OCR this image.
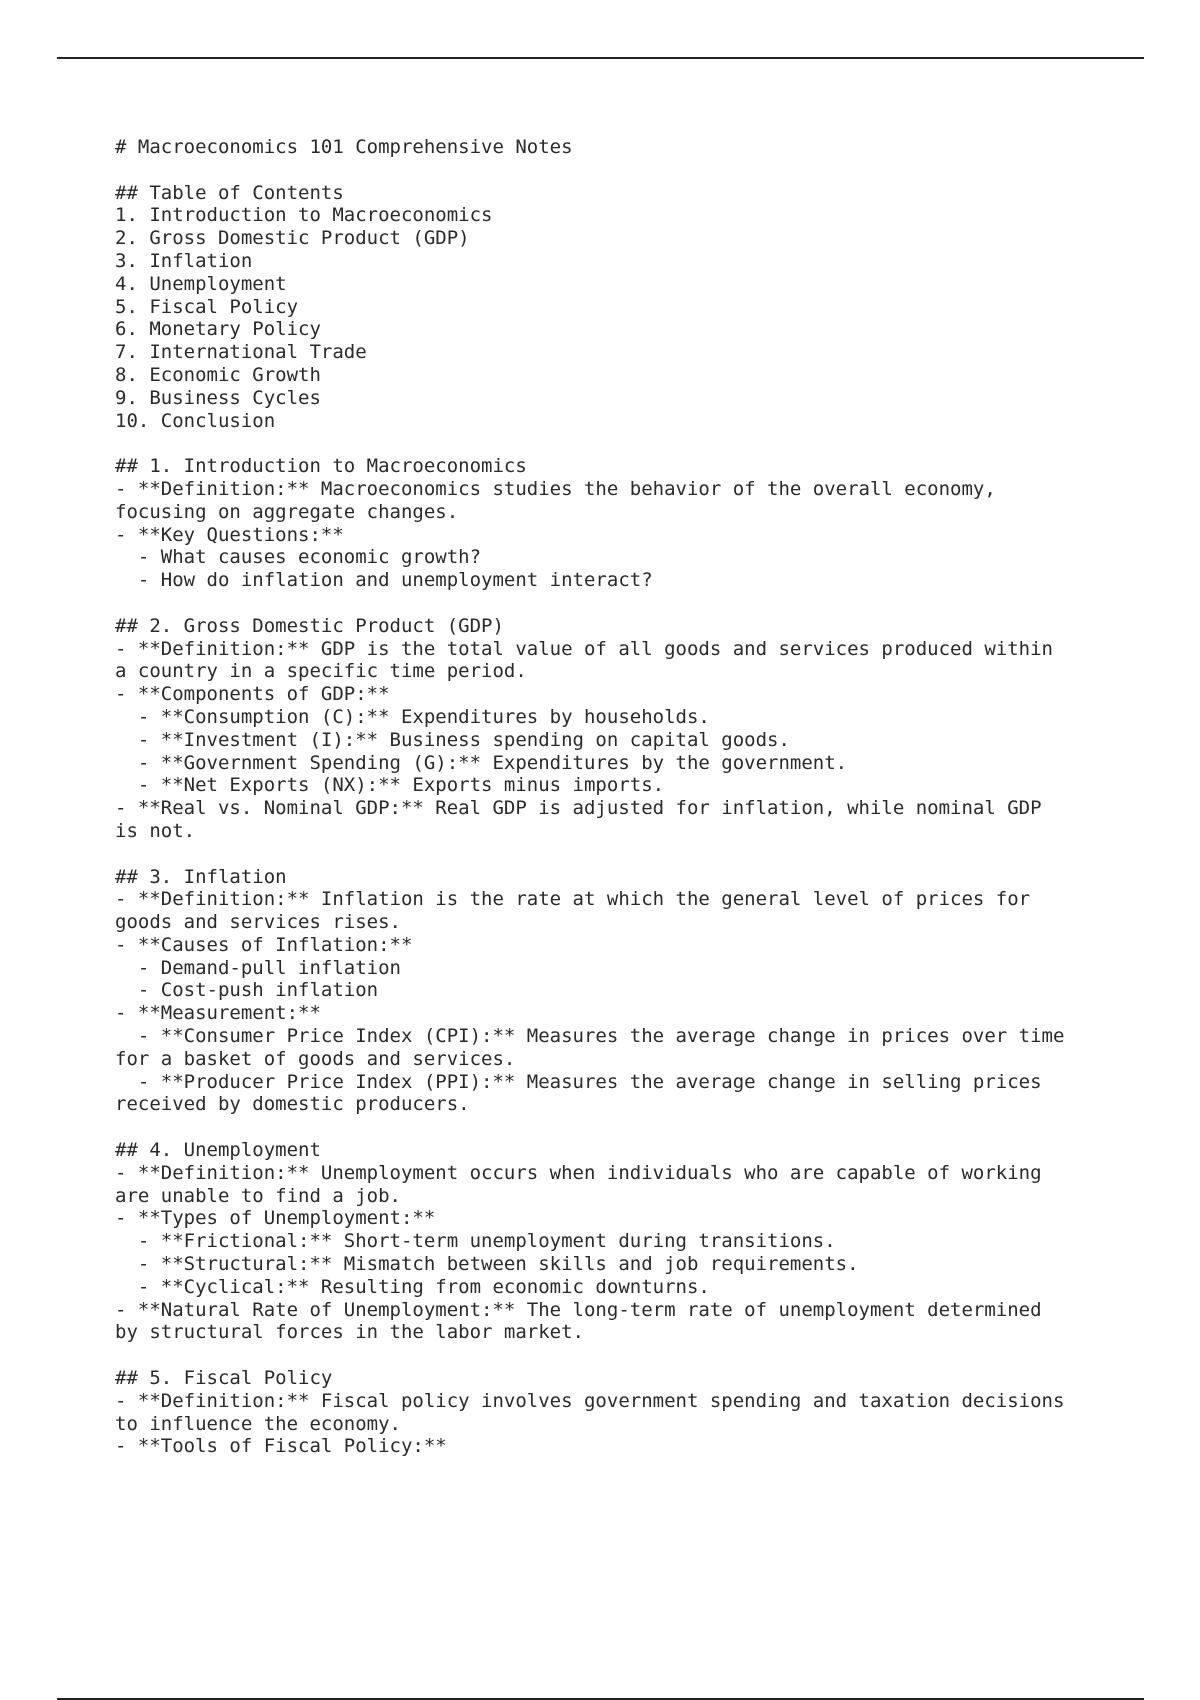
# Macroeconomics 101 Comprehensive Notes
## Table of Contents
1. Introduction to Macroeconomics
2. Gross Domestic Product (GDP)
3. Inflation
4. Unemployment
5. Fiscal Policy
6. Monetary Policy
7. International Trade
8. Economic Growth
9. Business Cycles
10. Conclusion
## 1. Introduction to Macroeconomics
- **Definition:** Macroeconomics studies the behavior of the overall economy,
focusing on aggregate changes.
- **Key Questions:**
- What causes economic growth?
- How do inflation and unemployment interact?
## 2. Gross Domestic Product (GDP)
- **Definition:** GDP is the total value of all goods and services produced within
a country in a specific time period.
- **Components of GDP:**
- **Consumption (C):** Expenditures by households.
- **Investment (I):** Business spending on capital goods.
- **Government Spending (G):** Expenditures by the government.
- **Net Exports (NX):** Exports minus imports.
- **Real vs. Nominal GDP:** Real GDP is adjusted for inflation, while nominal GDP
is not.
## 3. Inflation
- **Definition:** Inflation is the rate at which the general level of prices for
goods and services rises.
- **Causes of Inflation:**
- Demand-pull inflation
- Cost-push inflation
- **Measurement:**
- **Consumer Price Index (CPI):** Measures the average change in prices over time
for a basket of goods and services.
- **Producer Price Index (PPI):** Measures the average change in selling prices
received by domestic producers.
## 4. Unemployment
- **Definition:** Unemployment occurs when individuals who are capable of working
are unable to find a job.
- **Types of Unemployment:**
- **Frictional:** Short-term unemployment during transitions.
- **Structural:** Mismatch between skills and job requirements.
- **Cyclical:** Resulting from economic downturns.
- **Natural Rate of Unemployment:** The long-term rate of unemployment determined
by structural forces in the labor market.
## 5. Fiscal Policy
- **Definition:** Fiscal policy involves government spending and taxation decisions
to influence the economy.
- **Tools of Fiscal Policy:**
